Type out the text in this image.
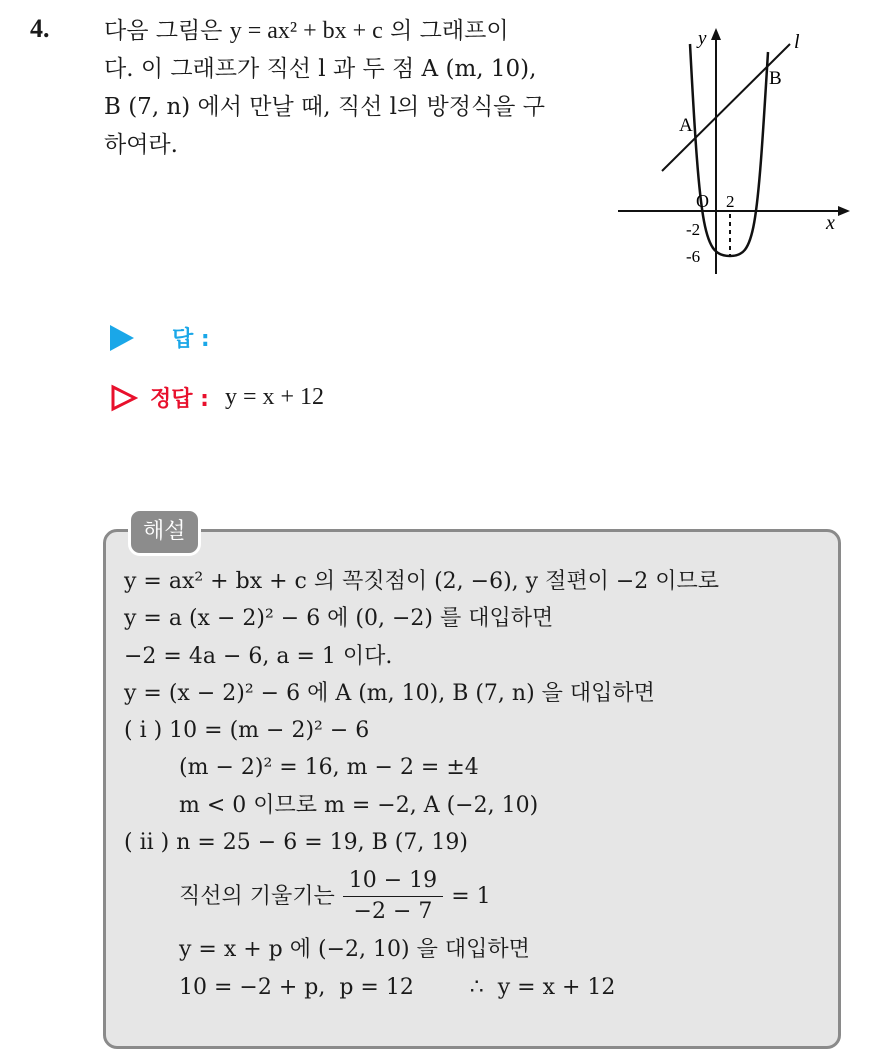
4. 다음 그림은 y = ax² + bx + c 의 그래프이

다. 이 그래프가 직선 l 과 두 점 A (m, 10),

B (7, n) 에서 만날 때, 직선 l의 방정식을 구

하여라.

y	l
B
A
O 2
x
-2
-6
답 :
정답 : y = x + 12
해설
y = ax² + bx + c 의 꼭짓점이 (2, −6), y 절편이 −2 이므로
y = a (x − 2)² − 6 에 (0, −2) 를 대입하면
−2 = 4a − 6, a = 1 이다.
y = (x − 2)² − 6 에 A (m, 10), B (7, n) 을 대입하면
( i ) 10 = (m − 2)² − 6
(m − 2)² = 16, m − 2 = ±4
m < 0 이므로 m = −2, A (−2, 10)
( ii ) n = 25 − 6 = 19, B (7, 19)
직선의 기울기는 $\frac{10 - 19}{-2 - 7} = 1$
y = x + p 에 (−2, 10) 을 대입하면
10 = −2 + p,  p = 12        ∴  y = x + 12
